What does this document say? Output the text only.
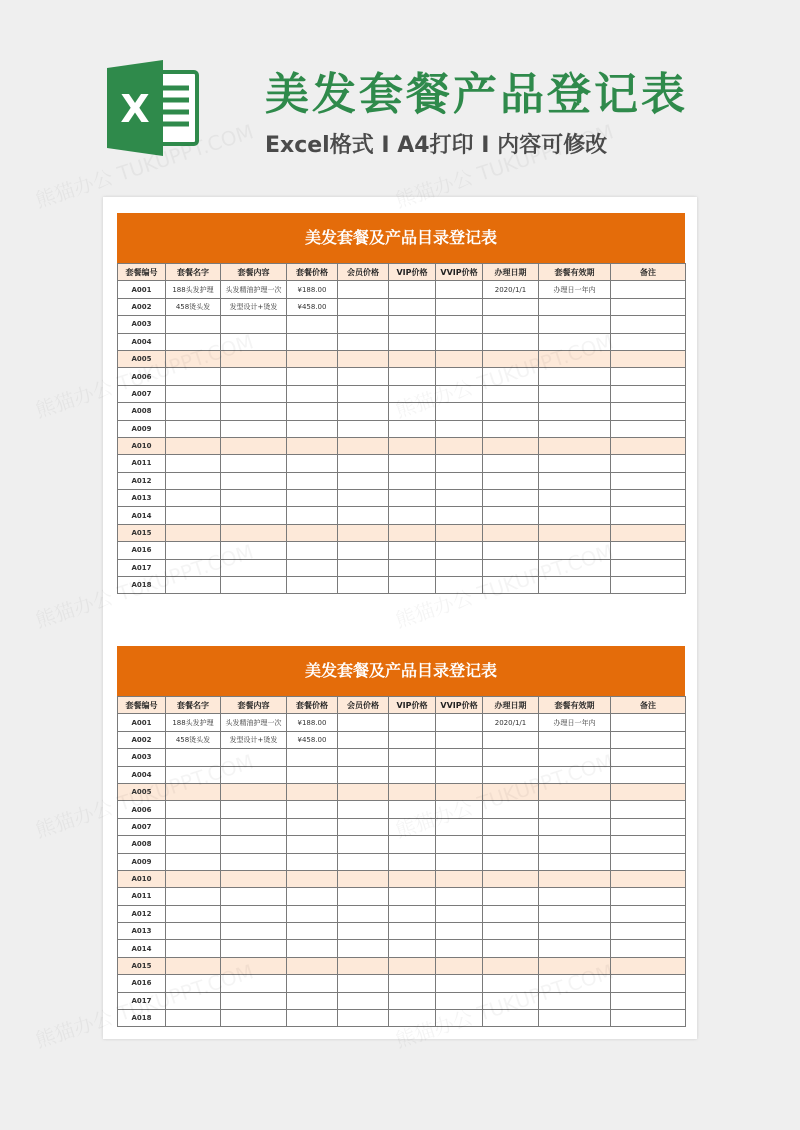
X	美发套餐产品登记表
Excel格式 I A4打印 I 内容可修改
美发套餐及产品目录登记表
套餐编号	套餐名字	套餐内容	套餐价格	会员价格	VIP价格	VVIP价格	办理日期	套餐有效期	备注
A001	188头发护理	头发精油护理一次	¥188.00				2020/1/1	办理日一年内	
A002	458烫头发	发型设计+烫发	¥458.00						
A003									
A004									
A005									
A006									
A007									
A008									
A009									
A010									
A011									
A012									
A013									
A014									
A015									
A016									
A017									
A018									
美发套餐及产品目录登记表
套餐编号	套餐名字	套餐内容	套餐价格	会员价格	VIP价格	VVIP价格	办理日期	套餐有效期	备注
A001	188头发护理	头发精油护理一次	¥188.00				2020/1/1	办理日一年内	
A002	458烫头发	发型设计+烫发	¥458.00						
A003									
A004									
A005									
A006									
A007									
A008									
A009									
A010									
A011									
A012									
A013									
A014									
A015									
A016									
A017									
A018									
